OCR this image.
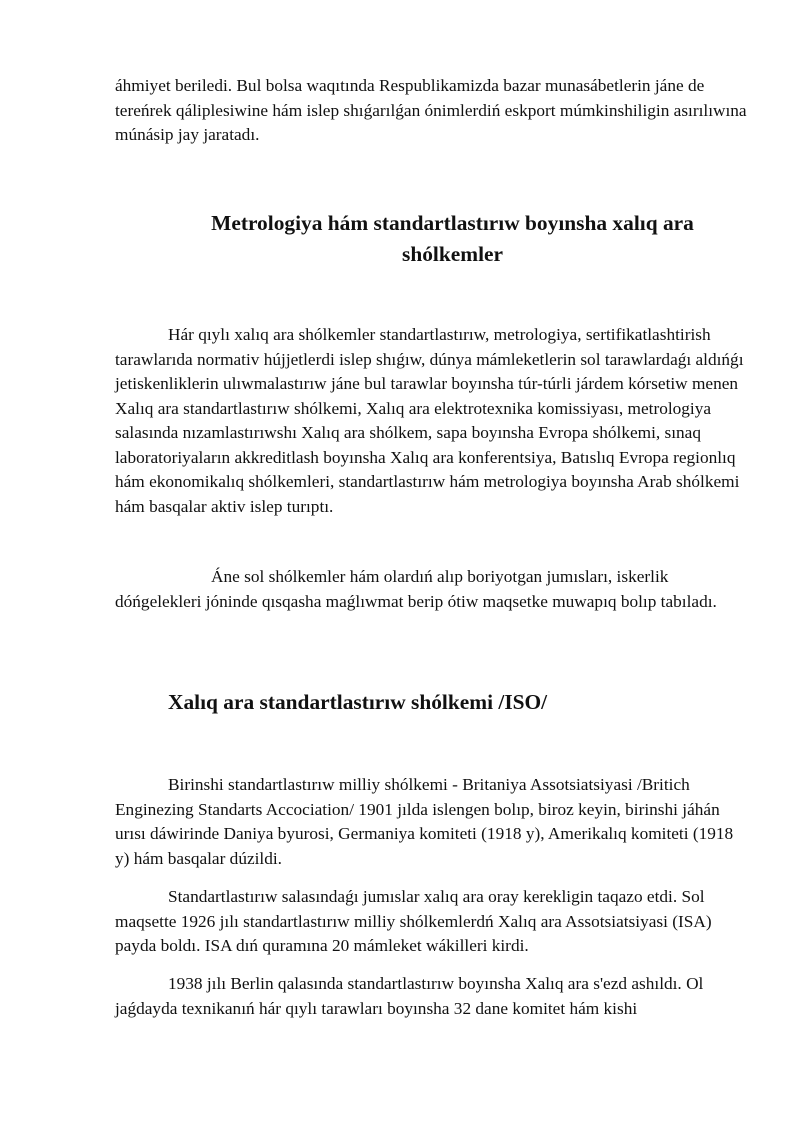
áhmiyet beriledi. Bul bolsa waqıtında Respublikamizda bazar munasábetlerin jáne de tereńrek qáliplesiwine hám islep shıǵarılǵan ónimlerdiń eskport múmkinshiligin asırılıwına múnásip jay jaratadı.

Metrologiya hám standartlastırıw boyınsha xalıq ara shólkemler

Hár qıylı xalıq ara shólkemler standartlastırıw, metrologiya, sertifikatlashtirish tarawlarıda normativ hújjetlerdi islep shıǵıw, dúnya mámleketlerin sol tarawlardaǵı aldıńǵı jetiskenliklerin ulıwmalastırıw jáne bul tarawlar boyınsha túr-túrli járdem kórsetiw menen Xalıq ara standartlastırıw shólkemi, Xalıq ara elektrotexnika komissiyası, metrologiya salasında nızamlastırıwshı Xalıq ara shólkem, sapa boyınsha Evropa shólkemi, sınaq laboratoriyaların akkreditlash boyınsha Xalıq ara konferentsiya, Batıslıq Evropa regionlıq hám ekonomikalıq shólkemleri, standartlastırıw hám metrologiya boyınsha Arab shólkemi hám basqalar aktiv islep turıptı.

Áne sol shólkemler hám olardıń alıp boriyotgan jumısları, iskerlik dóńgelekleri jóninde qısqasha maǵlıwmat berip ótiw maqsetke muwapıq bolıp tabıladı.

Xalıq ara standartlastırıw shólkemi /ISO/

Birinshi standartlastırıw milliy shólkemi - Britaniya Assotsiatsiyasi /Britich Enginezing Standarts Accociation/ 1901 jılda islengen bolıp, biroz keyin, birinshi jáhán urısı dáwirinde Daniya byurosi, Germaniya komiteti (1918 y), Amerikalıq komiteti (1918 y) hám basqalar dúzildi.

Standartlastırıw salasındaǵı jumıslar xalıq ara oray kerekligin taqazo etdi. Sol maqsette 1926 jılı standartlastırıw milliy shólkemlerdń Xalıq ara Assotsiatsiyasi (ISA) payda boldı. ISA dıń quramına 20 mámleket wákilleri kirdi.

1938 jılı Berlin qalasında standartlastırıw boyınsha Xalıq ara s'ezd ashıldı. Ol jaǵdayda texnikanıń hár qıylı tarawları boyınsha 32 dane komitet hám kishi
